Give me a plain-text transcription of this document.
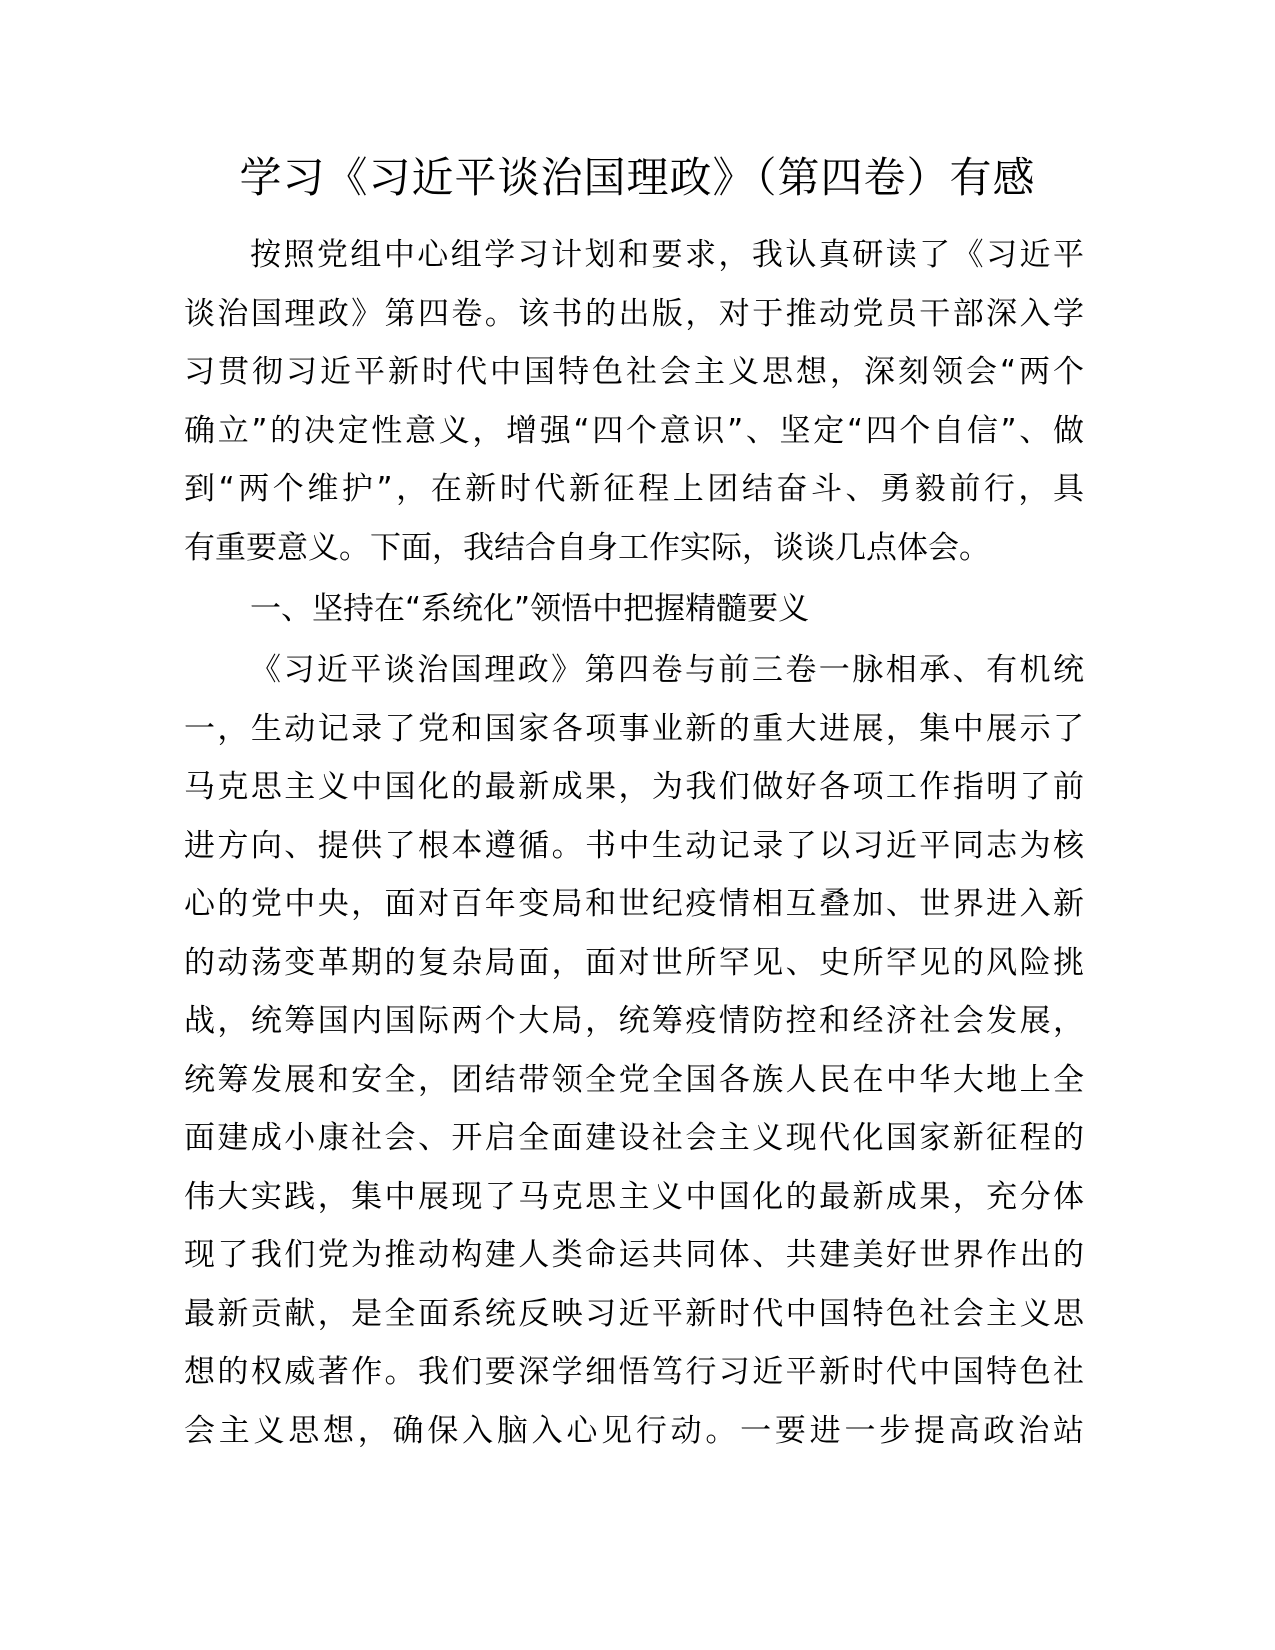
学习《习近平谈治国理政》（第四卷）有感
按照党组中心组学习计划和要求，我认真研读了《习近平
谈治国理政》第四卷。该书的出版，对于推动党员干部深入学
习贯彻习近平新时代中国特色社会主义思想，深刻领会“两个
确立”的决定性意义，增强“四个意识”、坚定“四个自信”、做
到“两个维护”，在新时代新征程上团结奋斗、勇毅前行，具
有重要意义。下面，我结合自身工作实际，谈谈几点体会。
一、坚持在“系统化”领悟中把握精髓要义
《习近平谈治国理政》第四卷与前三卷一脉相承、有机统
一，生动记录了党和国家各项事业新的重大进展，集中展示了
马克思主义中国化的最新成果，为我们做好各项工作指明了前
进方向、提供了根本遵循。书中生动记录了以习近平同志为核
心的党中央，面对百年变局和世纪疫情相互叠加、世界进入新
的动荡变革期的复杂局面，面对世所罕见、史所罕见的风险挑
战，统筹国内国际两个大局，统筹疫情防控和经济社会发展，
统筹发展和安全，团结带领全党全国各族人民在中华大地上全
面建成小康社会、开启全面建设社会主义现代化国家新征程的
伟大实践，集中展现了马克思主义中国化的最新成果，充分体
现了我们党为推动构建人类命运共同体、共建美好世界作出的
最新贡献，是全面系统反映习近平新时代中国特色社会主义思
想的权威著作。我们要深学细悟笃行习近平新时代中国特色社
会主义思想，确保入脑入心见行动。一要进一步提高政治站
